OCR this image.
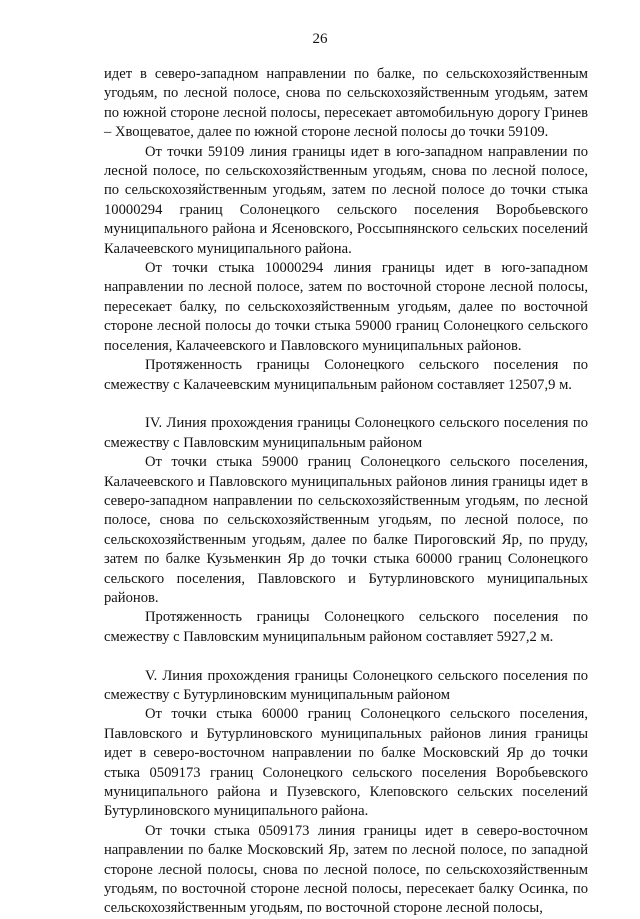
26

идет в северо-западном направлении по балке, по сельскохозяйственным угодьям, по лесной полосе, снова по сельскохозяйственным угодьям, затем по южной стороне лесной полосы, пересекает автомобильную дорогу Гринев – Хвощеватое, далее по южной стороне лесной полосы до точки 59109.

От точки 59109 линия границы идет в юго-западном направлении по лесной полосе, по сельскохозяйственным угодьям, снова по лесной полосе, по сельскохозяйственным угодьям, затем по лесной полосе до точки стыка 10000294 границ Солонецкого сельского поселения Воробьевского муниципального района и Ясеновского, Россыпнянского сельских поселений Калачеевского муниципального района.

От точки стыка 10000294 линия границы идет в юго-западном направлении по лесной полосе, затем по восточной стороне лесной полосы, пересекает балку, по сельскохозяйственным угодьям, далее по восточной стороне лесной полосы до точки стыка 59000 границ Солонецкого сельского поселения, Калачеевского и Павловского муниципальных районов.

Протяженность границы Солонецкого сельского поселения по смежеству с Калачеевским муниципальным районом составляет 12507,9 м.

IV. Линия прохождения границы Солонецкого сельского поселения по смежеству с Павловским муниципальным районом

От точки стыка 59000 границ Солонецкого сельского поселения, Калачеевского и Павловского муниципальных районов линия границы идет в северо-западном направлении по сельскохозяйственным угодьям, по лесной полосе, снова по сельскохозяйственным угодьям, по лесной полосе, по сельскохозяйственным угодьям, далее по балке Пироговский Яр, по пруду, затем по балке Кузьменкин Яр до точки стыка 60000 границ Солонецкого сельского поселения, Павловского и Бутурлиновского муниципальных районов.

Протяженность границы Солонецкого сельского поселения по смежеству с Павловским муниципальным районом составляет 5927,2 м.

V. Линия прохождения границы Солонецкого сельского поселения по смежеству с Бутурлиновским муниципальным районом

От точки стыка 60000 границ Солонецкого сельского поселения, Павловского и Бутурлиновского муниципальных районов линия границы идет в северо-восточном направлении по балке Московский Яр до точки стыка 0509173 границ Солонецкого сельского поселения Воробьевского муниципального района и Пузевского, Клеповского сельских поселений Бутурлиновского муниципального района.

От точки стыка 0509173 линия границы идет в северо-восточном направлении по балке Московский Яр, затем по лесной полосе, по западной стороне лесной полосы, снова по лесной полосе, по сельскохозяйственным угодьям, по восточной стороне лесной полосы, пересекает балку Осинка, по сельскохозяйственным угодьям, по восточной стороне лесной полосы,
